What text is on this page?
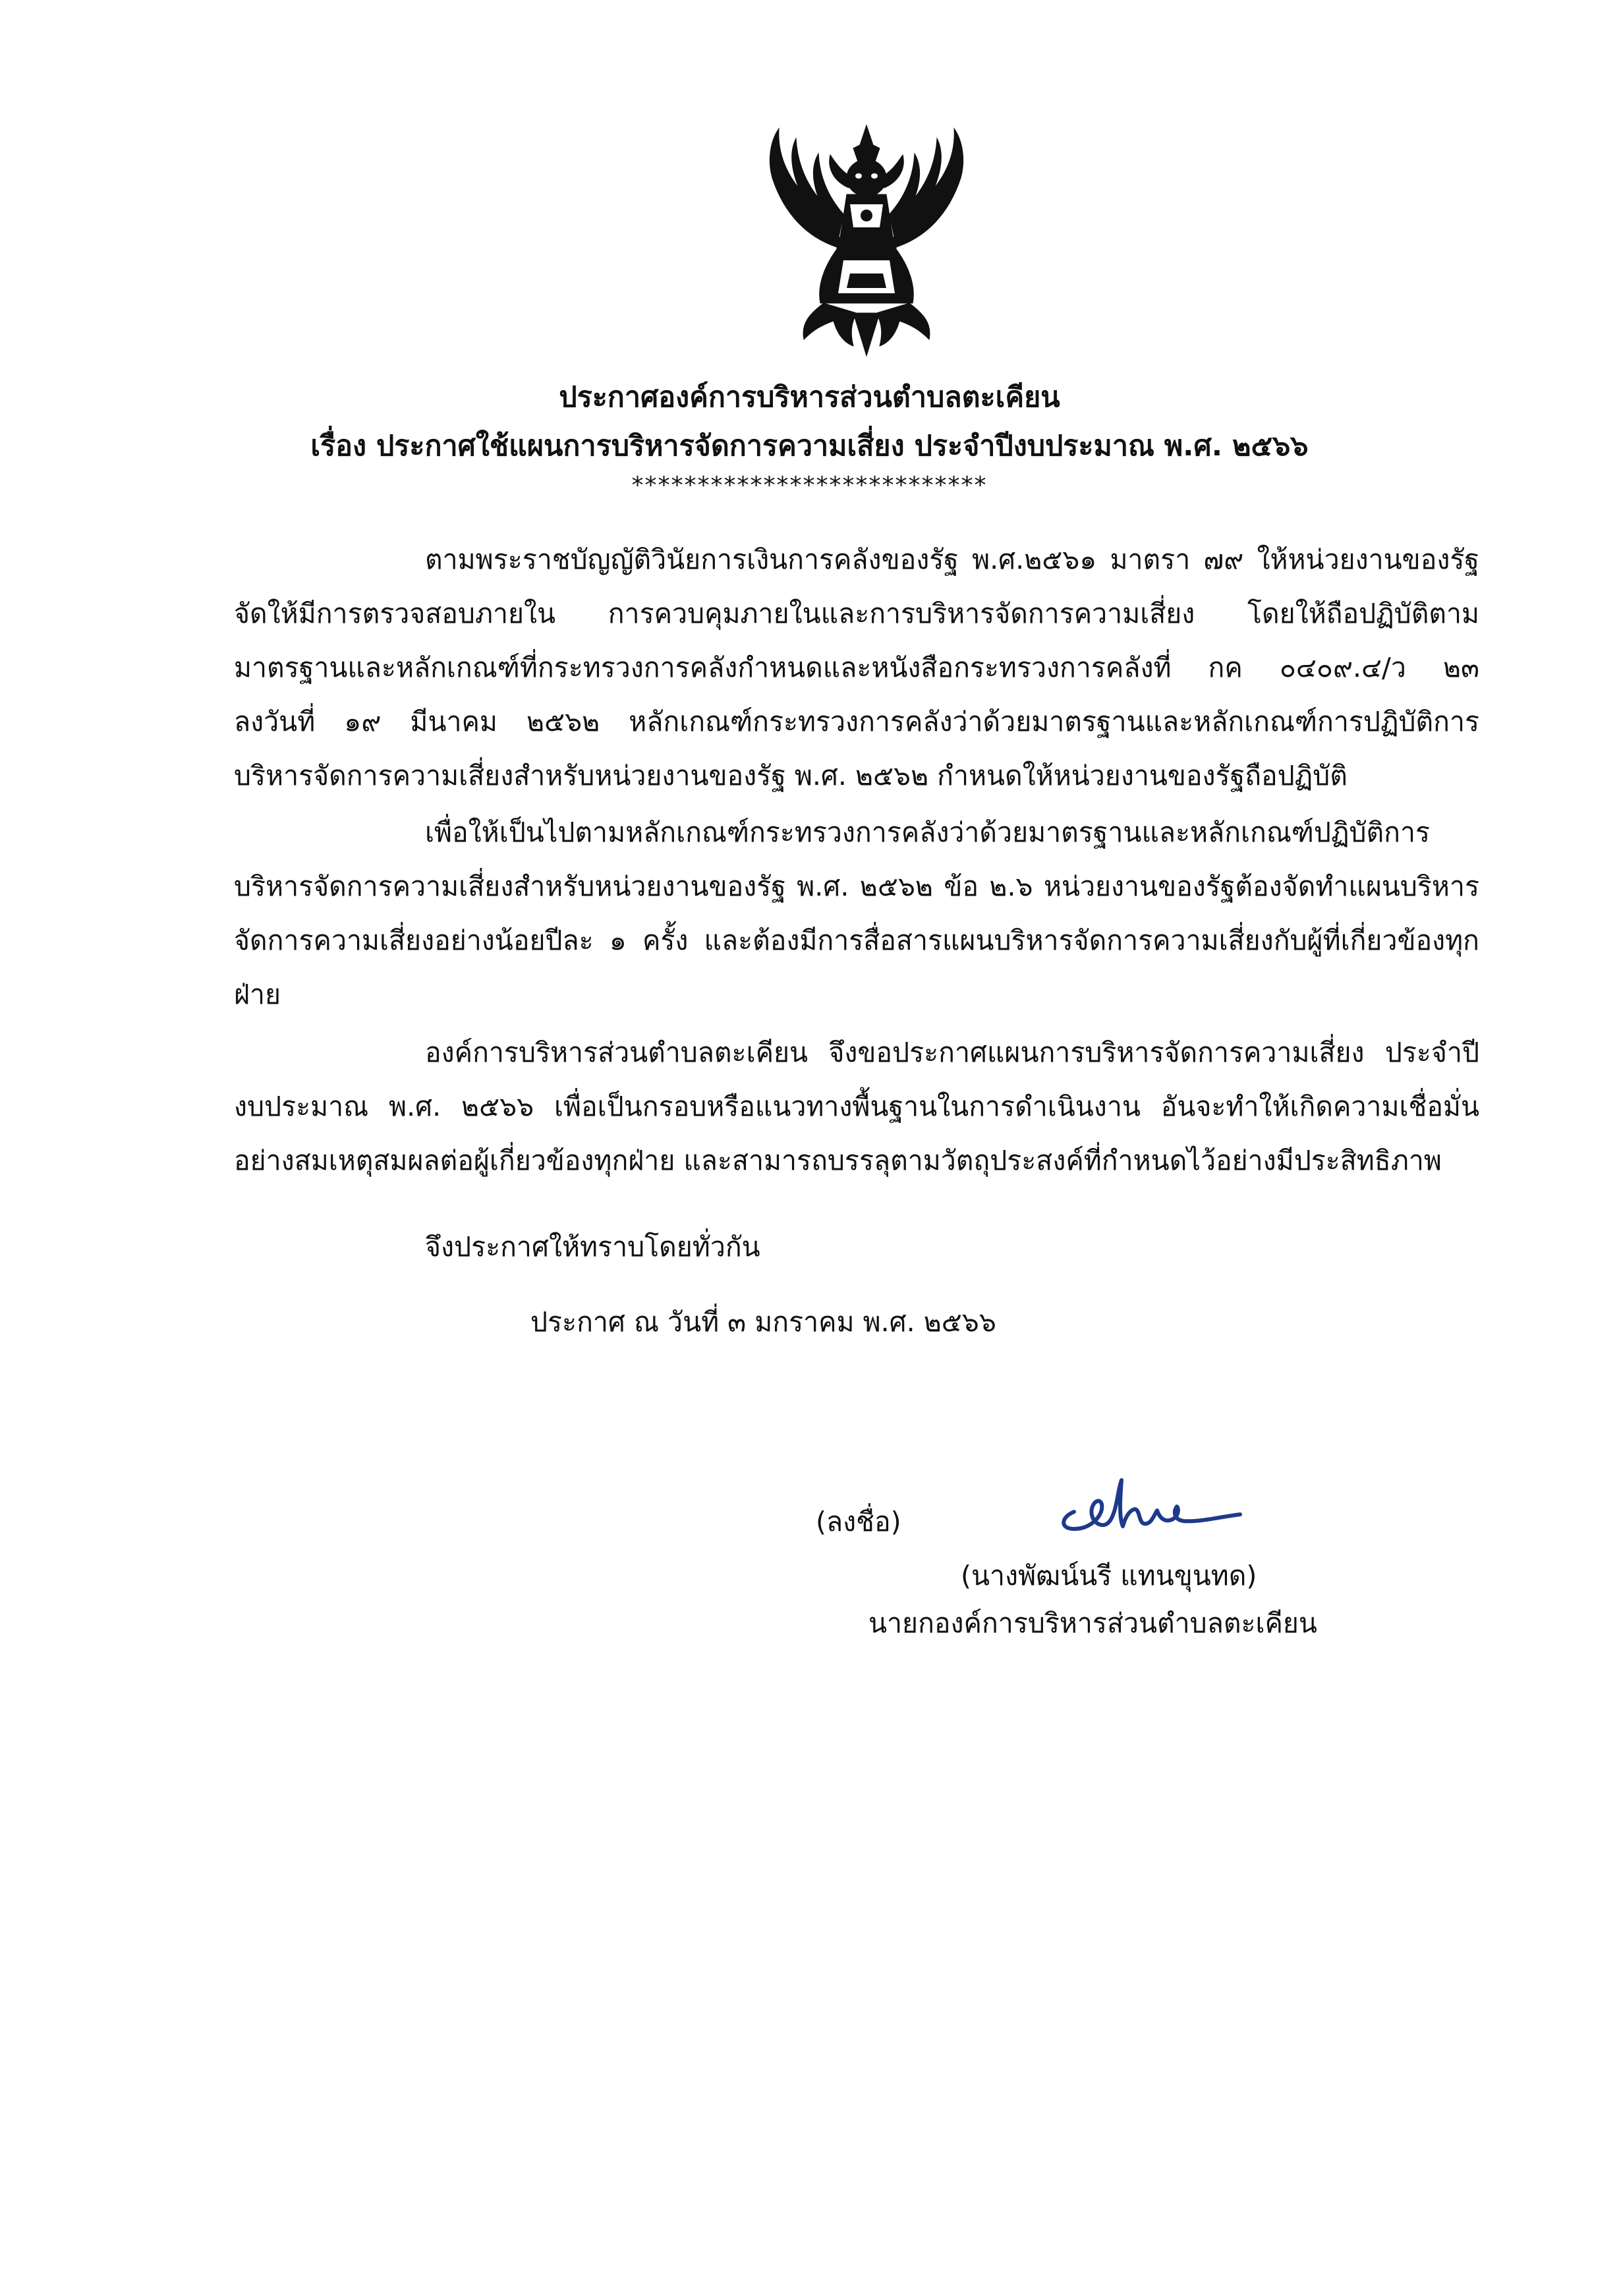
ประกาศองค์การบริหารส่วนตำบลตะเคียน
เรื่อง ประกาศใช้แผนการบริหารจัดการความเสี่ยง ประจำปีงบประมาณ พ.ศ. ๒๕๖๖
***************************
ตามพระราชบัญญัติวินัยการเงินการคลังของรัฐ พ.ศ.๒๕๖๑ มาตรา ๗๙ ให้หน่วยงานของรัฐ
จัดให้มีการตรวจสอบภายใน การควบคุมภายในและการบริหารจัดการความเสี่ยง โดยให้ถือปฏิบัติตาม
มาตรฐานและหลักเกณฑ์ที่กระทรวงการคลังกำหนดและหนังสือกระทรวงการคลังที่ กค ๐๔๐๙.๔/ว ๒๓
ลงวันที่ ๑๙ มีนาคม ๒๕๖๒ หลักเกณฑ์กระทรวงการคลังว่าด้วยมาตรฐานและหลักเกณฑ์การปฏิบัติการ
บริหารจัดการความเสี่ยงสำหรับหน่วยงานของรัฐ พ.ศ. ๒๕๖๒ กำหนดให้หน่วยงานของรัฐถือปฏิบัติ
เพื่อให้เป็นไปตามหลักเกณฑ์กระทรวงการคลังว่าด้วยมาตรฐานและหลักเกณฑ์ปฏิบัติการ
บริหารจัดการความเสี่ยงสำหรับหน่วยงานของรัฐ พ.ศ. ๒๕๖๒ ข้อ ๒.๖ หน่วยงานของรัฐต้องจัดทำแผนบริหาร
จัดการความเสี่ยงอย่างน้อยปีละ ๑ ครั้ง และต้องมีการสื่อสารแผนบริหารจัดการความเสี่ยงกับผู้ที่เกี่ยวข้องทุก
ฝ่าย
องค์การบริหารส่วนตำบลตะเคียน จึงขอประกาศแผนการบริหารจัดการความเสี่ยง ประจำปี
งบประมาณ พ.ศ. ๒๕๖๖ เพื่อเป็นกรอบหรือแนวทางพื้นฐานในการดำเนินงาน อันจะทำให้เกิดความเชื่อมั่น
อย่างสมเหตุสมผลต่อผู้เกี่ยวข้องทุกฝ่าย และสามารถบรรลุตามวัตถุประสงค์ที่กำหนดไว้อย่างมีประสิทธิภาพ
จึงประกาศให้ทราบโดยทั่วกัน
ประกาศ ณ วันที่ ๓ มกราคม พ.ศ. ๒๕๖๖
(ลงชื่อ)
(นางพัฒน์นรี แทนขุนทด)
นายกองค์การบริหารส่วนตำบลตะเคียน
